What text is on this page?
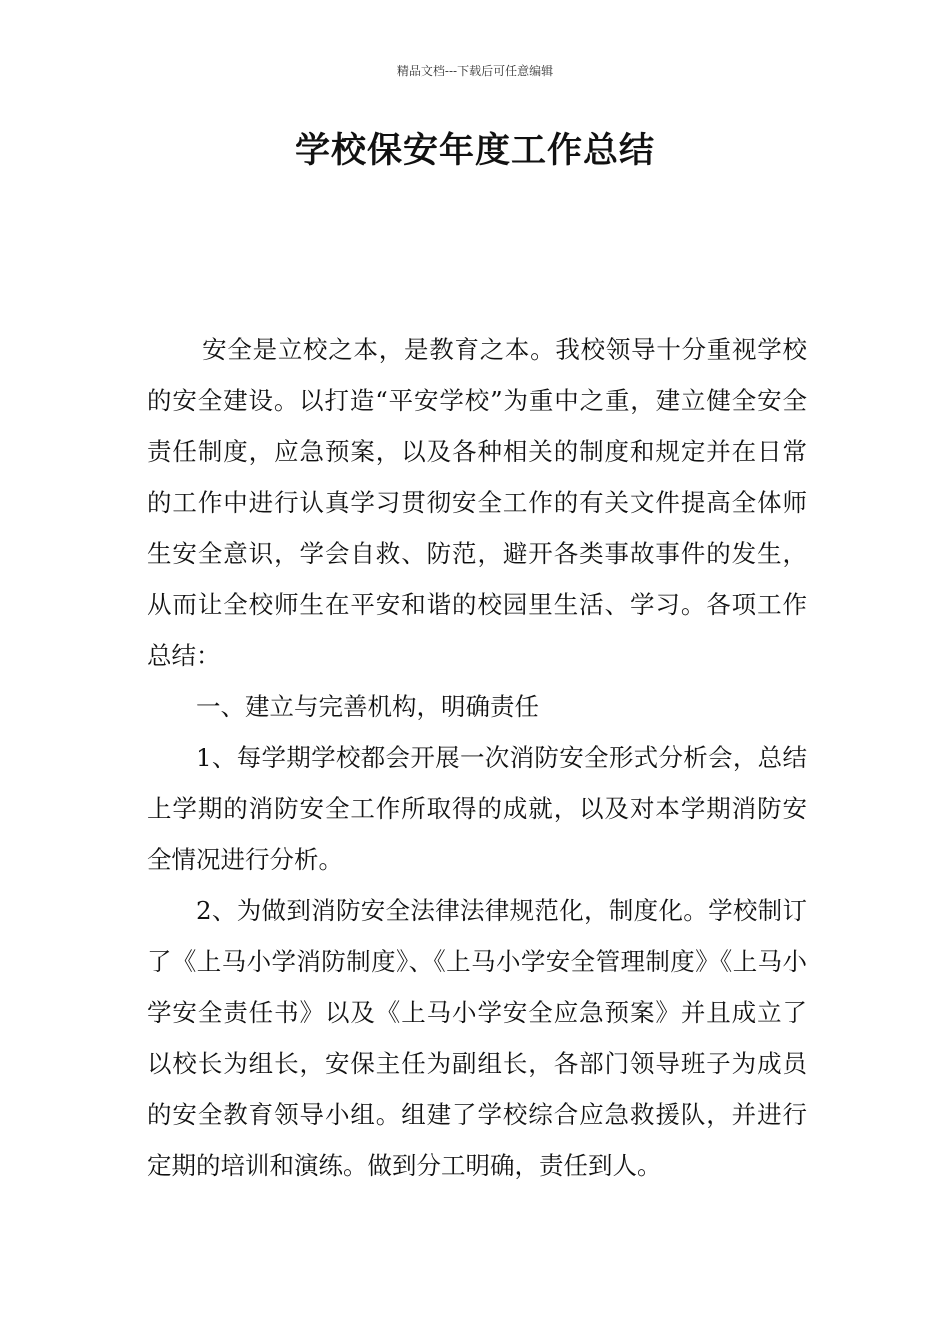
精品文档---下载后可任意编辑
学校保安年度工作总结

安全是立校之本，是教育之本。我校领导十分重视学校的安全建设。以打造“平安学校”为重中之重，建立健全安全责任制度，应急预案，以及各种相关的制度和规定并在日常的工作中进行认真学习贯彻安全工作的有关文件提高全体师生安全意识，学会自救、防范，避开各类事故事件的发生，从而让全校师生在平安和谐的校园里生活、学习。各项工作总结：

一、建立与完善机构，明确责任

1、每学期学校都会开展一次消防安全形式分析会，总结上学期的消防安全工作所取得的成就，以及对本学期消防安全情况进行分析。

2、为做到消防安全法律法律规范化，制度化。学校制订了《上马小学消防制度》、《上马小学安全管理制度》《上马小学安全责任书》以及《上马小学安全应急预案》并且成立了以校长为组长，安保主任为副组长，各部门领导班子为成员的安全教育领导小组。组建了学校综合应急救援队，并进行定期的培训和演练。做到分工明确，责任到人。
